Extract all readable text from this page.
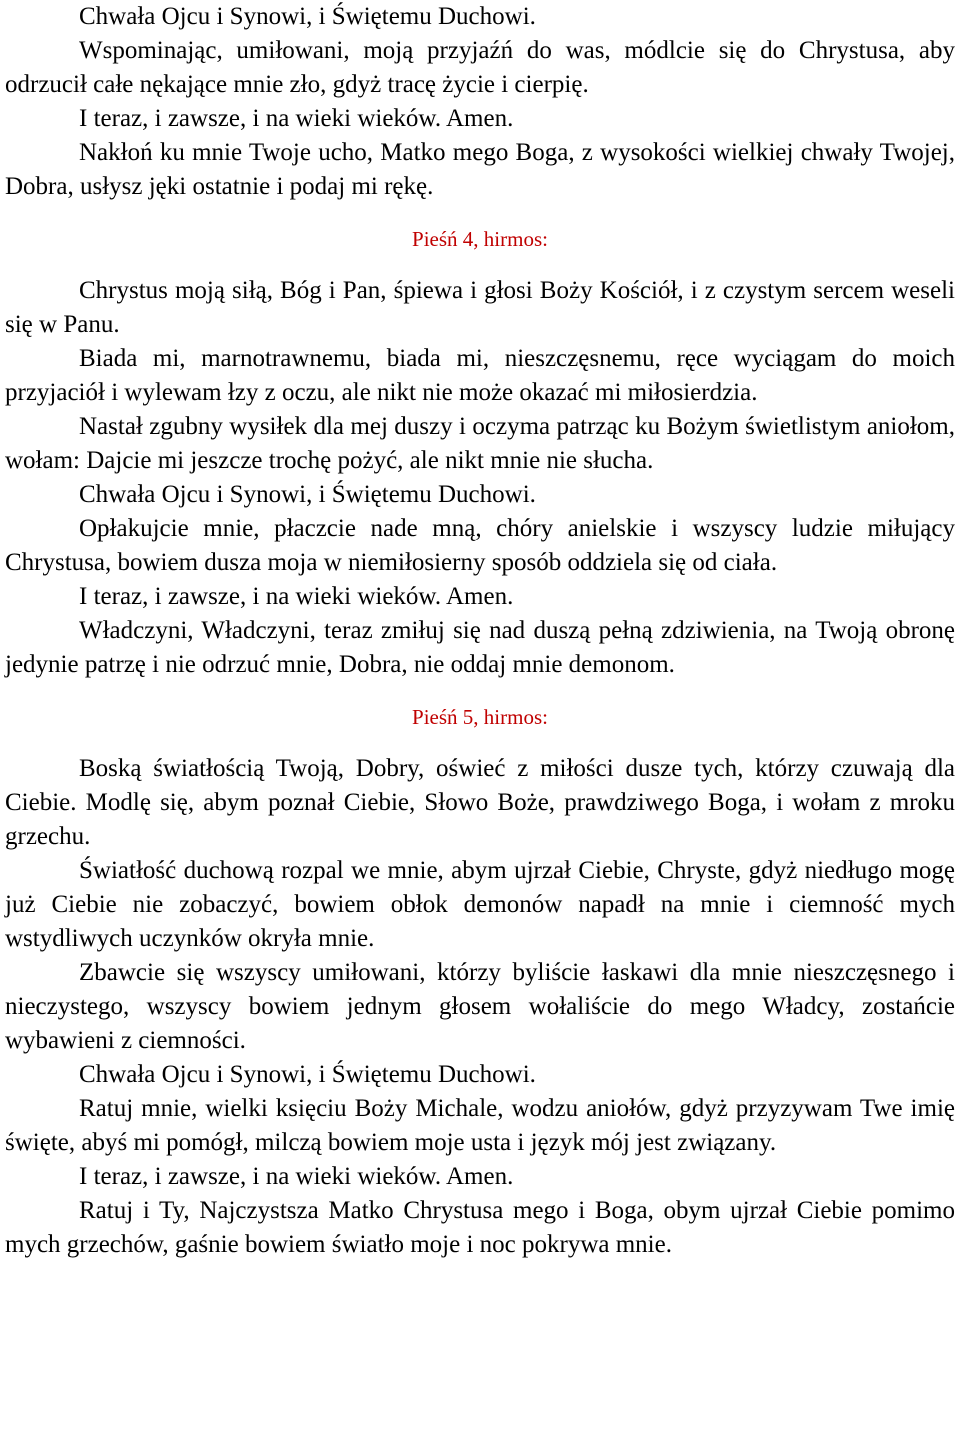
Chwała Ojcu i Synowi, i Świętemu Duchowi.

Wspominając, umiłowani, moją przyjaźń do was, módlcie się do Chrystusa, aby odrzucił całe nękające mnie zło, gdyż tracę życie i cierpię.

I teraz, i zawsze, i na wieki wieków. Amen.

Nakłoń ku mnie Twoje ucho, Matko mego Boga, z wysokości wielkiej chwały Twojej, Dobra, usłysz jęki ostatnie i podaj mi rękę.

Pieśń 4, hirmos:

Chrystus moją siłą, Bóg i Pan, śpiewa i głosi Boży Kościół, i z czystym sercem weseli się w Panu.

Biada mi, marnotrawnemu, biada mi, nieszczęsnemu, ręce wyciągam do moich przyjaciół i wylewam łzy z oczu, ale nikt nie może okazać mi miłosierdzia.

Nastał zgubny wysiłek dla mej duszy i oczyma patrząc ku Bożym świetlistym aniołom, wołam: Dajcie mi jeszcze trochę pożyć, ale nikt mnie nie słucha.

Chwała Ojcu i Synowi, i Świętemu Duchowi.

Opłakujcie mnie, płaczcie nade mną, chóry anielskie i wszyscy ludzie miłujący Chrystusa, bowiem dusza moja w niemiłosierny sposób oddziela się od ciała.

I teraz, i zawsze, i na wieki wieków. Amen.

Władczyni, Władczyni, teraz zmiłuj się nad duszą pełną zdziwienia, na Twoją obronę jedynie patrzę i nie odrzuć mnie, Dobra, nie oddaj mnie demonom.

Pieśń 5, hirmos:

Boską światłością Twoją, Dobry, oświeć z miłości dusze tych, którzy czuwają dla Ciebie. Modlę się, abym poznał Ciebie, Słowo Boże, prawdziwego Boga, i wołam z mroku grzechu.

Światłość duchową rozpal we mnie, abym ujrzał Ciebie, Chryste, gdyż niedługo mogę już Ciebie nie zobaczyć, bowiem obłok demonów napadł na mnie i ciemność mych wstydliwych uczynków okryła mnie.

Zbawcie się wszyscy umiłowani, którzy byliście łaskawi dla mnie nieszczęsnego i nieczystego, wszyscy bowiem jednym głosem wołaliście do mego Władcy, zostańcie wybawieni z ciemności.

Chwała Ojcu i Synowi, i Świętemu Duchowi.

Ratuj mnie, wielki księciu Boży Michale, wodzu aniołów, gdyż przyzywam Twe imię święte, abyś mi pomógł, milczą bowiem moje usta i język mój jest związany.

I teraz, i zawsze, i na wieki wieków. Amen.

Ratuj i Ty, Najczystsza Matko Chrystusa mego i Boga, obym ujrzał Ciebie pomimo mych grzechów, gaśnie bowiem światło moje i noc pokrywa mnie.
